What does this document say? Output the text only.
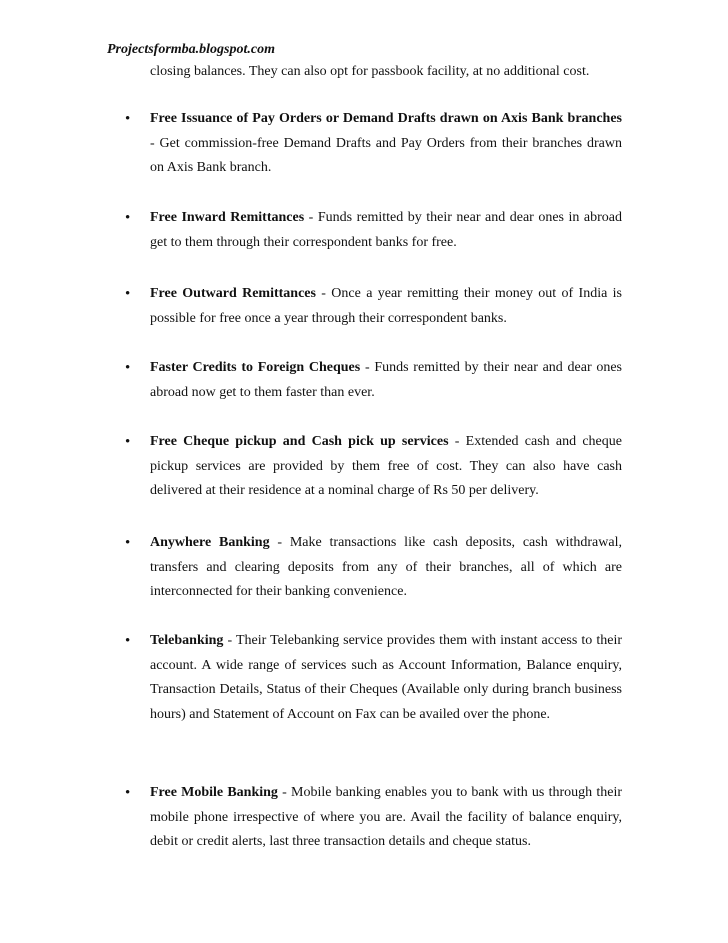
Projectsformba.blogspot.com
closing balances. They can also opt for passbook facility, at no additional cost.
•	Free Issuance of Pay Orders or Demand Drafts drawn on Axis Bank branches - Get commission-free Demand Drafts and Pay Orders from their branches drawn on Axis Bank branch.
•	Free Inward Remittances - Funds remitted by their near and dear ones in abroad get to them through their correspondent banks for free.
•	Free Outward Remittances - Once a year remitting their money out of India is possible for free once a year through their correspondent banks.
•	Faster Credits to Foreign Cheques - Funds remitted by their near and dear ones abroad now get to them faster than ever.
•	Free Cheque pickup and Cash pick up services - Extended cash and cheque pickup services are provided by them free of cost. They can also have cash delivered at their residence at a nominal charge of Rs 50 per delivery.
•	Anywhere Banking - Make transactions like cash deposits, cash withdrawal, transfers and clearing deposits from any of their branches, all of which are interconnected for their banking convenience.
•	Telebanking - Their Telebanking service provides them with instant access to their account. A wide range of services such as Account Information, Balance enquiry, Transaction Details, Status of their Cheques (Available only during branch business hours) and Statement of Account on Fax can be availed over the phone.
•	Free Mobile Banking - Mobile banking enables you to bank with us through their mobile phone irrespective of where you are. Avail the facility of balance enquiry, debit or credit alerts, last three transaction details and cheque status.
